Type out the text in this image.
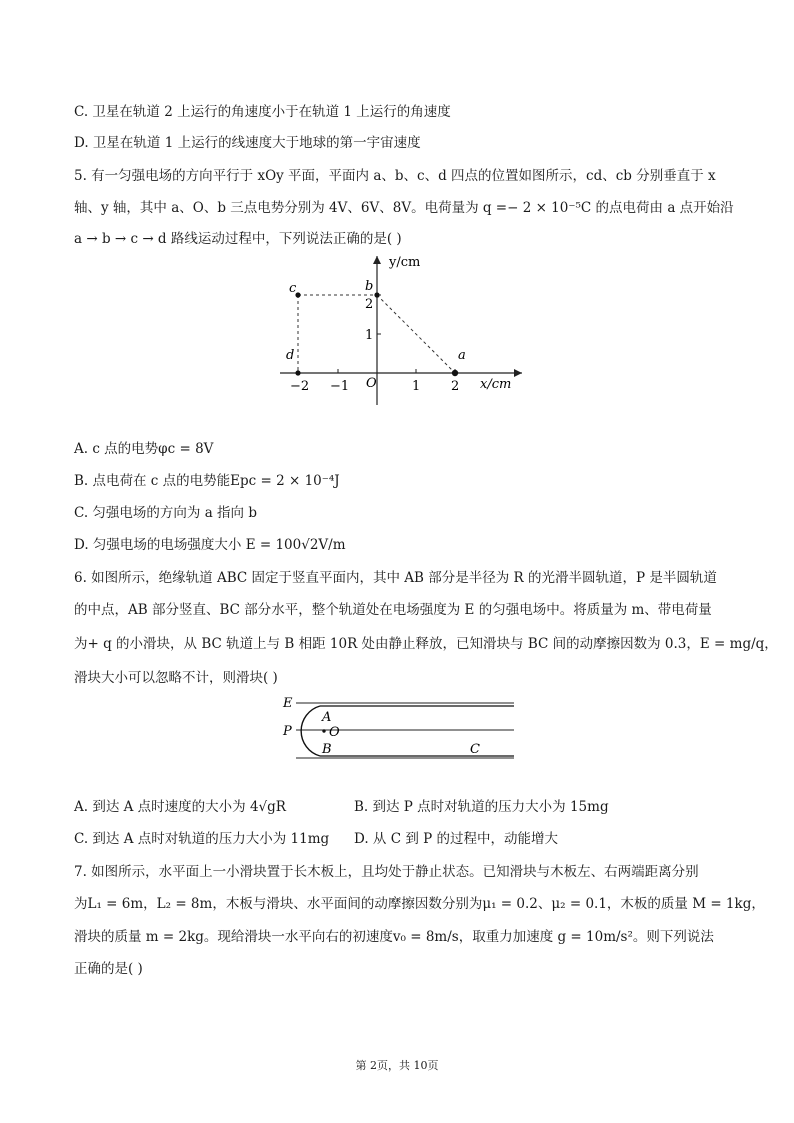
C. 卫星在轨道 2 上运行的角速度小于在轨道 1 上运行的角速度
D. 卫星在轨道 1 上运行的线速度大于地球的第一宇宙速度
5. 有一匀强电场的方向平行于 xOy 平面，平面内 a、b、c、d 四点的位置如图所示，cd、cb 分别垂直于 x
轴、y 轴，其中 a、O、b 三点电势分别为 4V、6V、8V。电荷量为 q =− 2 × 10⁻⁵C 的点电荷由 a 点开始沿
a → b → c → d 路线运动过程中，下列说法正确的是( )
y/cm
x/cm
O
−2 −1	1 2
1
2
a
b
c
d
A. c 点的电势φc = 8V
B. 点电荷在 c 点的电势能Epc = 2 × 10⁻⁴J
C. 匀强电场的方向为 a 指向 b
D. 匀强电场的电场强度大小 E = 100√2V/m
6. 如图所示，绝缘轨道 ABC 固定于竖直平面内，其中 AB 部分是半径为 R 的光滑半圆轨道，P 是半圆轨道
的中点，AB 部分竖直、BC 部分水平，整个轨道处在电场强度为 E 的匀强电场中。将质量为 m、带电荷量
为+ q 的小滑块，从 BC 轨道上与 B 相距 10R 处由静止释放，已知滑块与 BC 间的动摩擦因数为 0.3，E = mg/q，
滑块大小可以忽略不计，则滑块( )
E
A
P	O
B	C
A. 到达 A 点时速度的大小为 4√gR	B. 到达 P 点时对轨道的压力大小为 15mg
C. 到达 A 点时对轨道的压力大小为 11mg D. 从 C 到 P 的过程中，动能增大
7. 如图所示，水平面上一小滑块置于长木板上，且均处于静止状态。已知滑块与木板左、右两端距离分别
为L₁ = 6m，L₂ = 8m，木板与滑块、水平面间的动摩擦因数分别为μ₁ = 0.2、μ₂ = 0.1，木板的质量 M = 1kg，
滑块的质量 m = 2kg。现给滑块一水平向右的初速度v₀ = 8m/s，取重力加速度 g = 10m/s²。则下列说法
正确的是( )
第 2页，共 10页
